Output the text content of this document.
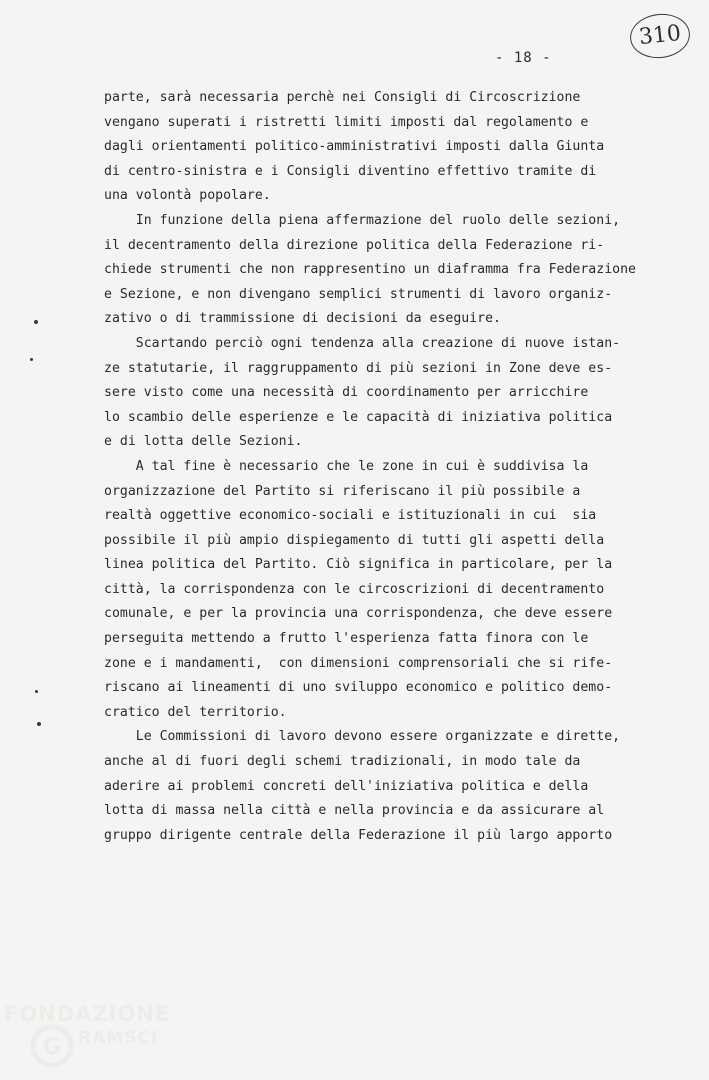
310
- 18 -
parte, sarà necessaria perchè nei Consigli di Circoscrizione
vengano superati i ristretti limiti imposti dal regolamento e
dagli orientamenti politico-amministrativi imposti dalla Giunta
di centro-sinistra e i Consigli diventino effettivo tramite di
una volontà popolare.
In funzione della piena affermazione del ruolo delle sezioni,
il decentramento della direzione politica della Federazione ri-
chiede strumenti che non rappresentino un diaframma fra Federazione
e Sezione, e non divengano semplici strumenti di lavoro organiz-
zativo o di trammissione di decisioni da eseguire.
Scartando perciò ogni tendenza alla creazione di nuove istan-
ze statutarie, il raggruppamento di più sezioni in Zone deve es-
sere visto come una necessità di coordinamento per arricchire
lo scambio delle esperienze e le capacità di iniziativa politica
e di lotta delle Sezioni.
A tal fine è necessario che le zone in cui è suddivisa la
organizzazione del Partito si riferiscano il più possibile a
realtà oggettive economico-sociali e istituzionali in cui  sia
possibile il più ampio dispiegamento di tutti gli aspetti della
linea politica del Partito. Ciò significa in particolare, per la
città, la corrispondenza con le circoscrizioni di decentramento
comunale, e per la provincia una corrispondenza, che deve essere
perseguita mettendo a frutto l'esperienza fatta finora con le
zone e i mandamenti,  con dimensioni comprensoriali che si rife-
riscano ai lineamenti di uno sviluppo economico e politico demo-
cratico del territorio.
Le Commissioni di lavoro devono essere organizzate e dirette,
anche al di fuori degli schemi tradizionali, in modo tale da
aderire ai problemi concreti dell'iniziativa politica e della
lotta di massa nella città e nella provincia e da assicurare al
gruppo dirigente centrale della Federazione il più largo apporto
FONDAZIONE
G RAMSCI
